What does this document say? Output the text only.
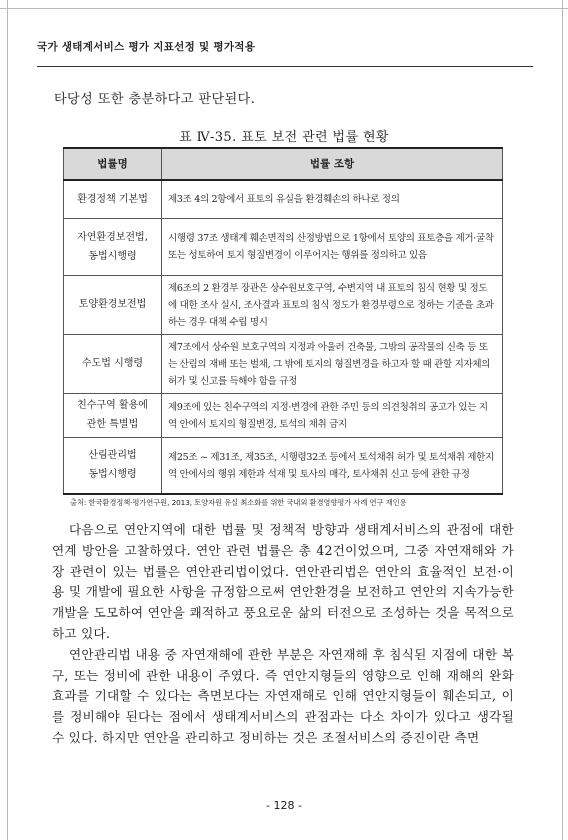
국가 생태계서비스 평가 지표선정 및 평가적용
타당성 또한 충분하다고 판단된다.
표 Ⅳ-35. 표토 보전 관련 법률 현황
법률명	법률 조항
환경정책 기본법	제3조 4의 2항에서 표토의 유실을 환경훼손의 하나로 정의
자연환경보전법,
동법시행령	시행령 37조 생태계 훼손면적의 산정방법으로 1항에서 토양의 표토층을 제거·굴착 또는 성토하여 토지 형질변경이 이루어지는 행위를 정의하고 있음
토양환경보전법	제6조의 2 환경부 장관은 상수원보호구역, 수변지역 내 표토의 침식 현황 및 정도에 대한 조사 실시, 조사결과 표토의 침식 정도가 환경부령으로 정하는 기준을 초과하는 경우 대책 수립 명시
수도법 시행령	제7조에서 상수원 보호구역의 지정과 아울러 건축물, 그밖의 공작물의 신축 등 또는 산림의 재배 또는 벌채, 그 밖에 토지의 형질변경을 하고자 할 때 관할 지자체의 허가 및 신고를 득해야 함을 규정
친수구역 활용에
관한 특별법	제9조에 있는 친수구역의 지정·변경에 관한 주민 등의 의견청취의 공고가 있는 지역 안에서 토지의 형질변경, 토석의 채취 금지
산림관리법
동법시행령	제25조 ~ 제31조, 제35조, 시행령32조 등에서 토석채취 허가 및 토석채취 제한지역 안에서의 행위 제한과 석재 및 토사의 매각, 토사채취 신고 등에 관한 규정
출처: 한국환경정책·평가연구원, 2013, 토양자원 유실 최소화를 위한 국내외 환경영향평가 사례 연구 재인용

다음으로 연안지역에 대한 법률 및 정책적 방향과 생태계서비스의 관점에 대한 연계 방안을 고찰하였다. 연안 관련 법률은 총 42건이었으며, 그중 자연재해와 가장 관련이 있는 법률은 연안관리법이었다. 연안관리법은 연안의 효율적인 보전·이용 및 개발에 필요한 사항을 규정함으로써 연안환경을 보전하고 연안의 지속가능한 개발을 도모하여 연안을 쾌적하고 풍요로운 삶의 터전으로 조성하는 것을 목적으로 하고 있다.

연안관리법 내용 중 자연재해에 관한 부분은 자연재해 후 침식된 지점에 대한 복구, 또는 정비에 관한 내용이 주였다. 즉 연안지형들의 영향으로 인해 재해의 완화 효과를 기대할 수 있다는 측면보다는 자연재해로 인해 연안지형들이 훼손되고, 이를 정비해야 된다는 점에서 생태계서비스의 관점과는 다소 차이가 있다고 생각될 수 있다. 하지만 연안을 관리하고 정비하는 것은 조절서비스의 증진이란 측면

- 128 -
